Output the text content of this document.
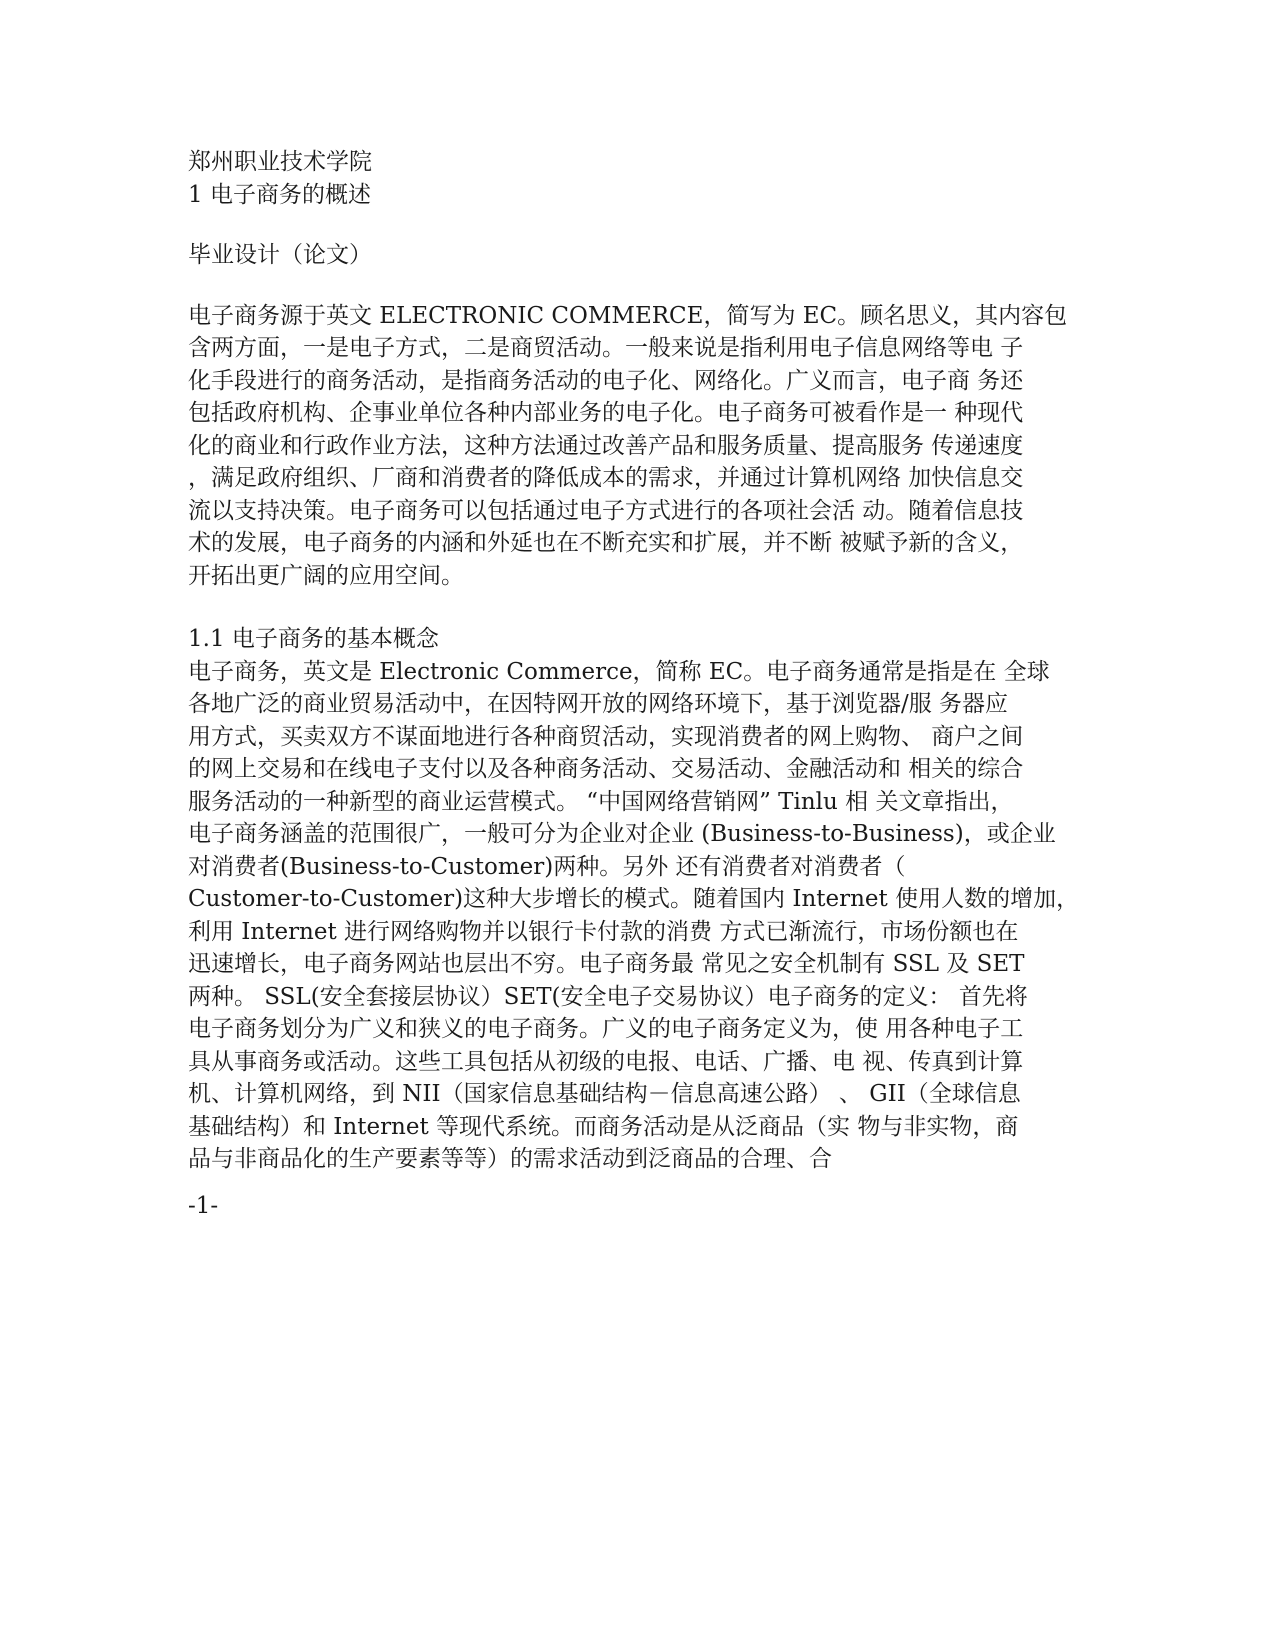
郑州职业技术学院
1 电子商务的概述
毕业设计（论文）
电子商务源于英文 ELECTRONIC COMMERCE，简写为 EC。顾名思义，其内容包
含两方面，一是电子方式，二是商贸活动。一般来说是指利用电子信息网络等电 子
化手段进行的商务活动，是指商务活动的电子化、网络化。广义而言，电子商 务还
包括政府机构、企事业单位各种内部业务的电子化。电子商务可被看作是一 种现代
化的商业和行政作业方法，这种方法通过改善产品和服务质量、提高服务 传递速度
，满足政府组织、厂商和消费者的降低成本的需求，并通过计算机网络 加快信息交
流以支持决策。电子商务可以包括通过电子方式进行的各项社会活 动。随着信息技
术的发展，电子商务的内涵和外延也在不断充实和扩展，并不断 被赋予新的含义，
开拓出更广阔的应用空间。
1.1 电子商务的基本概念
电子商务，英文是 Electronic Commerce，简称 EC。电子商务通常是指是在 全球
各地广泛的商业贸易活动中，在因特网开放的网络环境下，基于浏览器/服 务器应
用方式，买卖双方不谋面地进行各种商贸活动，实现消费者的网上购物、 商户之间
的网上交易和在线电子支付以及各种商务活动、交易活动、金融活动和 相关的综合
服务活动的一种新型的商业运营模式。 “中国网络营销网” Tinlu 相 关文章指出，
电子商务涵盖的范围很广，一般可分为企业对企业 (Business-to-Business)，或企业
对消费者(Business-to-Customer)两种。另外 还有消费者对消费者（
Customer-to-Customer)这种大步增长的模式。随着国内 Internet 使用人数的增加，
利用 Internet 进行网络购物并以银行卡付款的消费 方式已渐流行，市场份额也在
迅速增长，电子商务网站也层出不穷。电子商务最 常见之安全机制有 SSL 及 SET
两种。 SSL(安全套接层协议）SET(安全电子交易协议）电子商务的定义： 首先将
电子商务划分为广义和狭义的电子商务。广义的电子商务定义为，使 用各种电子工
具从事商务或活动。这些工具包括从初级的电报、电话、广播、电 视、传真到计算
机、计算机网络，到 NII（国家信息基础结构－信息高速公路） 、 GII（全球信息
基础结构）和 Internet 等现代系统。而商务活动是从泛商品（实 物与非实物，商
品与非商品化的生产要素等等）的需求活动到泛商品的合理、合
-1-
